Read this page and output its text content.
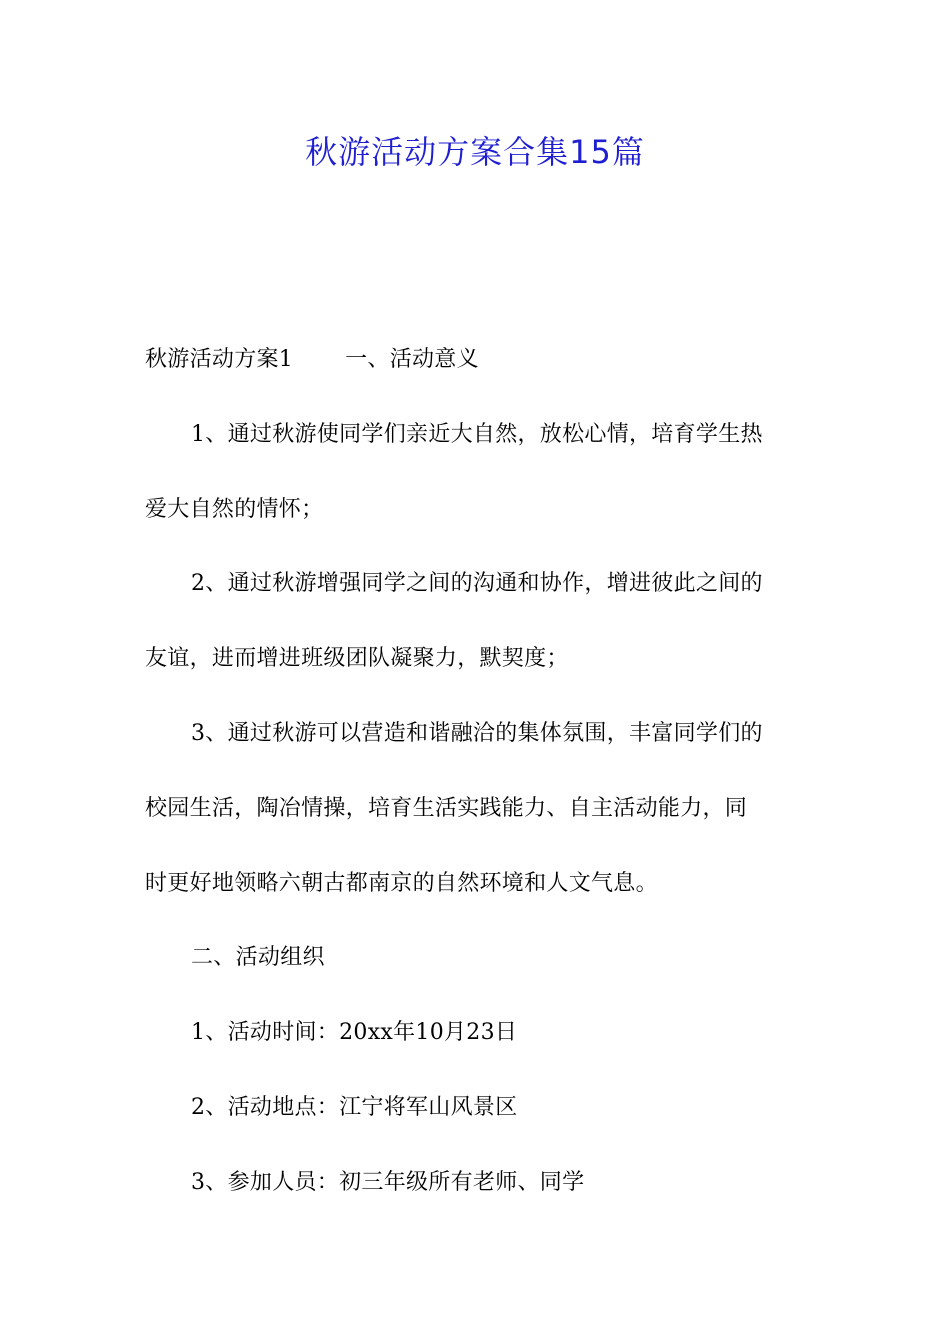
秋游活动方案合集15篇
秋游活动方案1 一、活动意义
1、通过秋游使同学们亲近大自然，放松心情，培育学生热
爱大自然的情怀；
2、通过秋游增强同学之间的沟通和协作，增进彼此之间的
友谊，进而增进班级团队凝聚力，默契度；
3、通过秋游可以营造和谐融洽的集体氛围，丰富同学们的
校园生活，陶冶情操，培育生活实践能力、自主活动能力，同
时更好地领略六朝古都南京的自然环境和人文气息。
二、活动组织
1、活动时间：20xx年10月23日
2、活动地点：江宁将军山风景区
3、参加人员：初三年级所有老师、同学
